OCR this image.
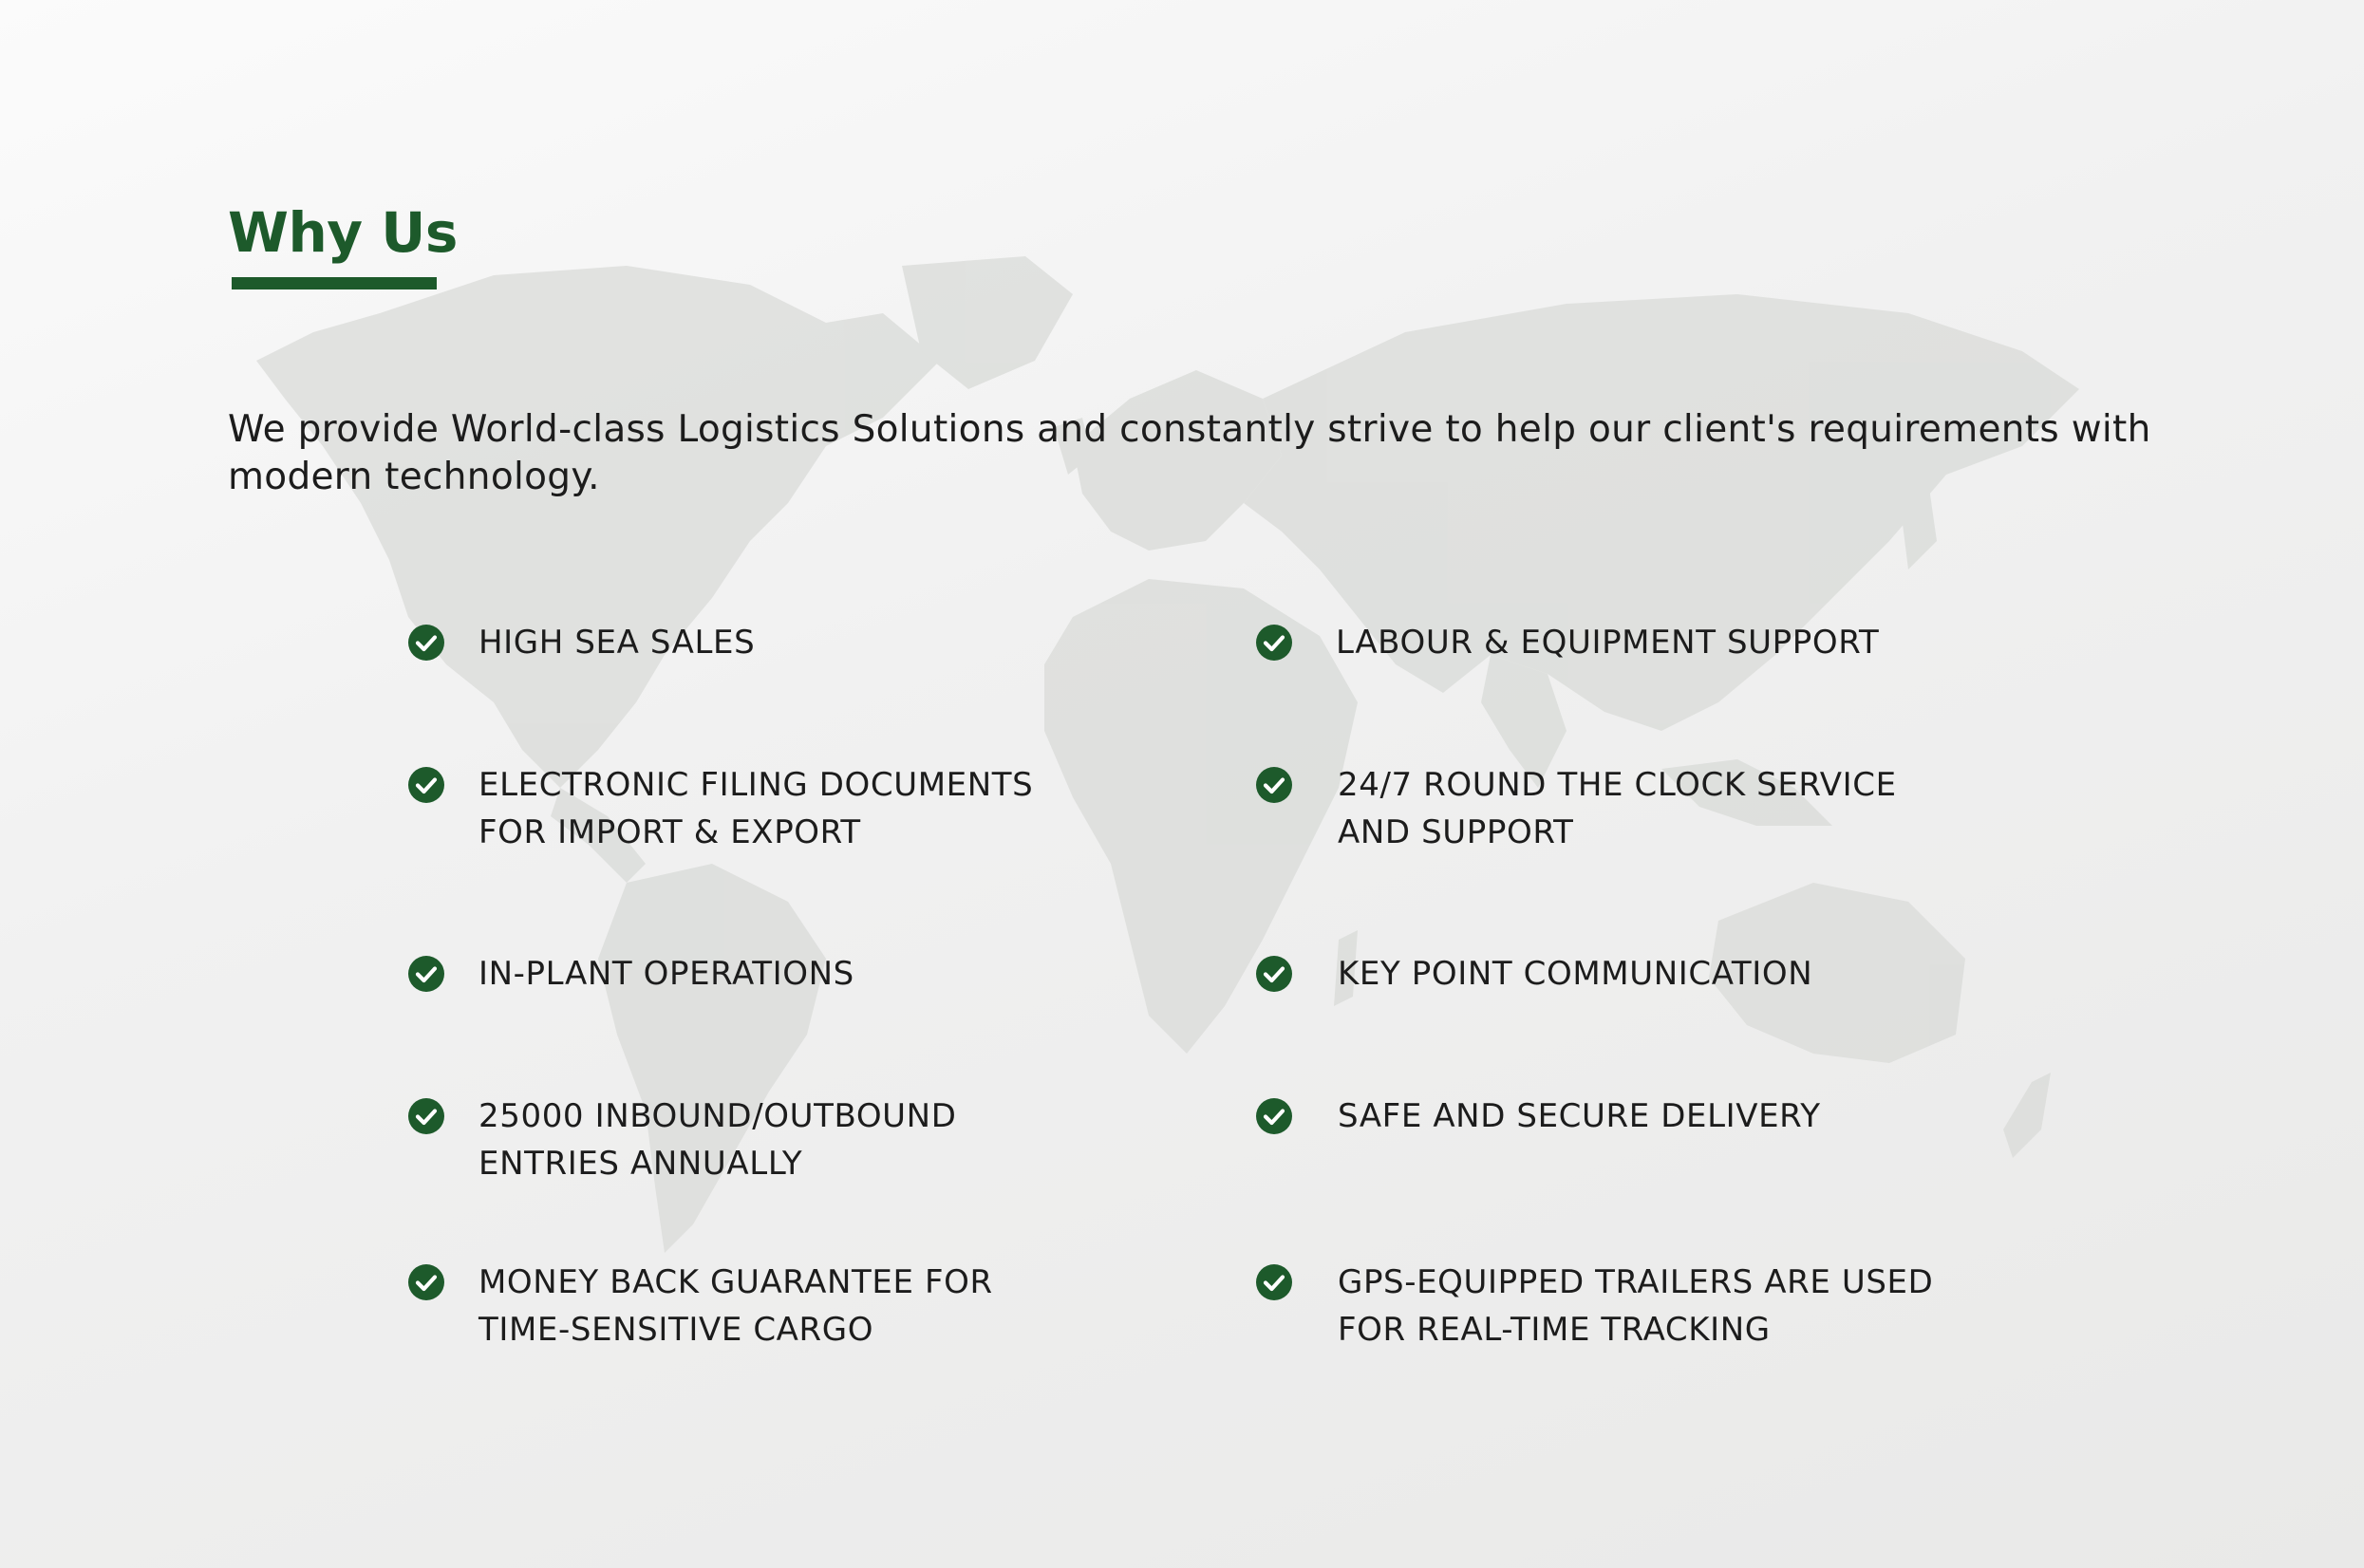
Why Us

We provide World-class Logistics Solutions and constantly strive to help our client's requirements with modern technology.

HIGH SEA SALES
ELECTRONIC FILING DOCUMENTS
FOR IMPORT & EXPORT
IN-PLANT OPERATIONS
25000 INBOUND/OUTBOUND
ENTRIES ANNUALLY
MONEY BACK GUARANTEE FOR
TIME-SENSITIVE CARGO
LABOUR & EQUIPMENT SUPPORT
24/7 ROUND THE CLOCK SERVICE
AND SUPPORT
KEY POINT COMMUNICATION
SAFE AND SECURE DELIVERY
GPS-EQUIPPED TRAILERS ARE USED
FOR REAL-TIME TRACKING
